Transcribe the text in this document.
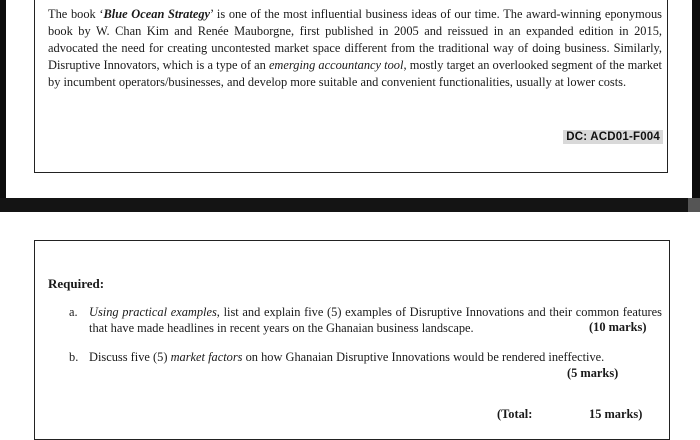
The book ‘Blue Ocean Strategy’ is one of the most influential business ideas of our time. The award-winning eponymous book by W. Chan Kim and Renée Mauborgne, first published in 2005 and reissued in an expanded edition in 2015, advocated the need for creating uncontested market space different from the traditional way of doing business. Similarly, Disruptive Innovators, which is a type of an emerging accountancy tool, mostly target an overlooked segment of the market by incumbent operators/businesses, and develop more suitable and convenient functionalities, usually at lower costs.

DC: ACD01-F004
Required:
a. Using practical examples, list and explain five (5) examples of Disruptive Innovations and their common features that have made headlines in recent years on the Ghanaian business landscape.	(10 marks)
b. Discuss five (5) market factors on how Ghanaian Disruptive Innovations would be rendered ineffective.
(5 marks)
(Total:	15 marks)
